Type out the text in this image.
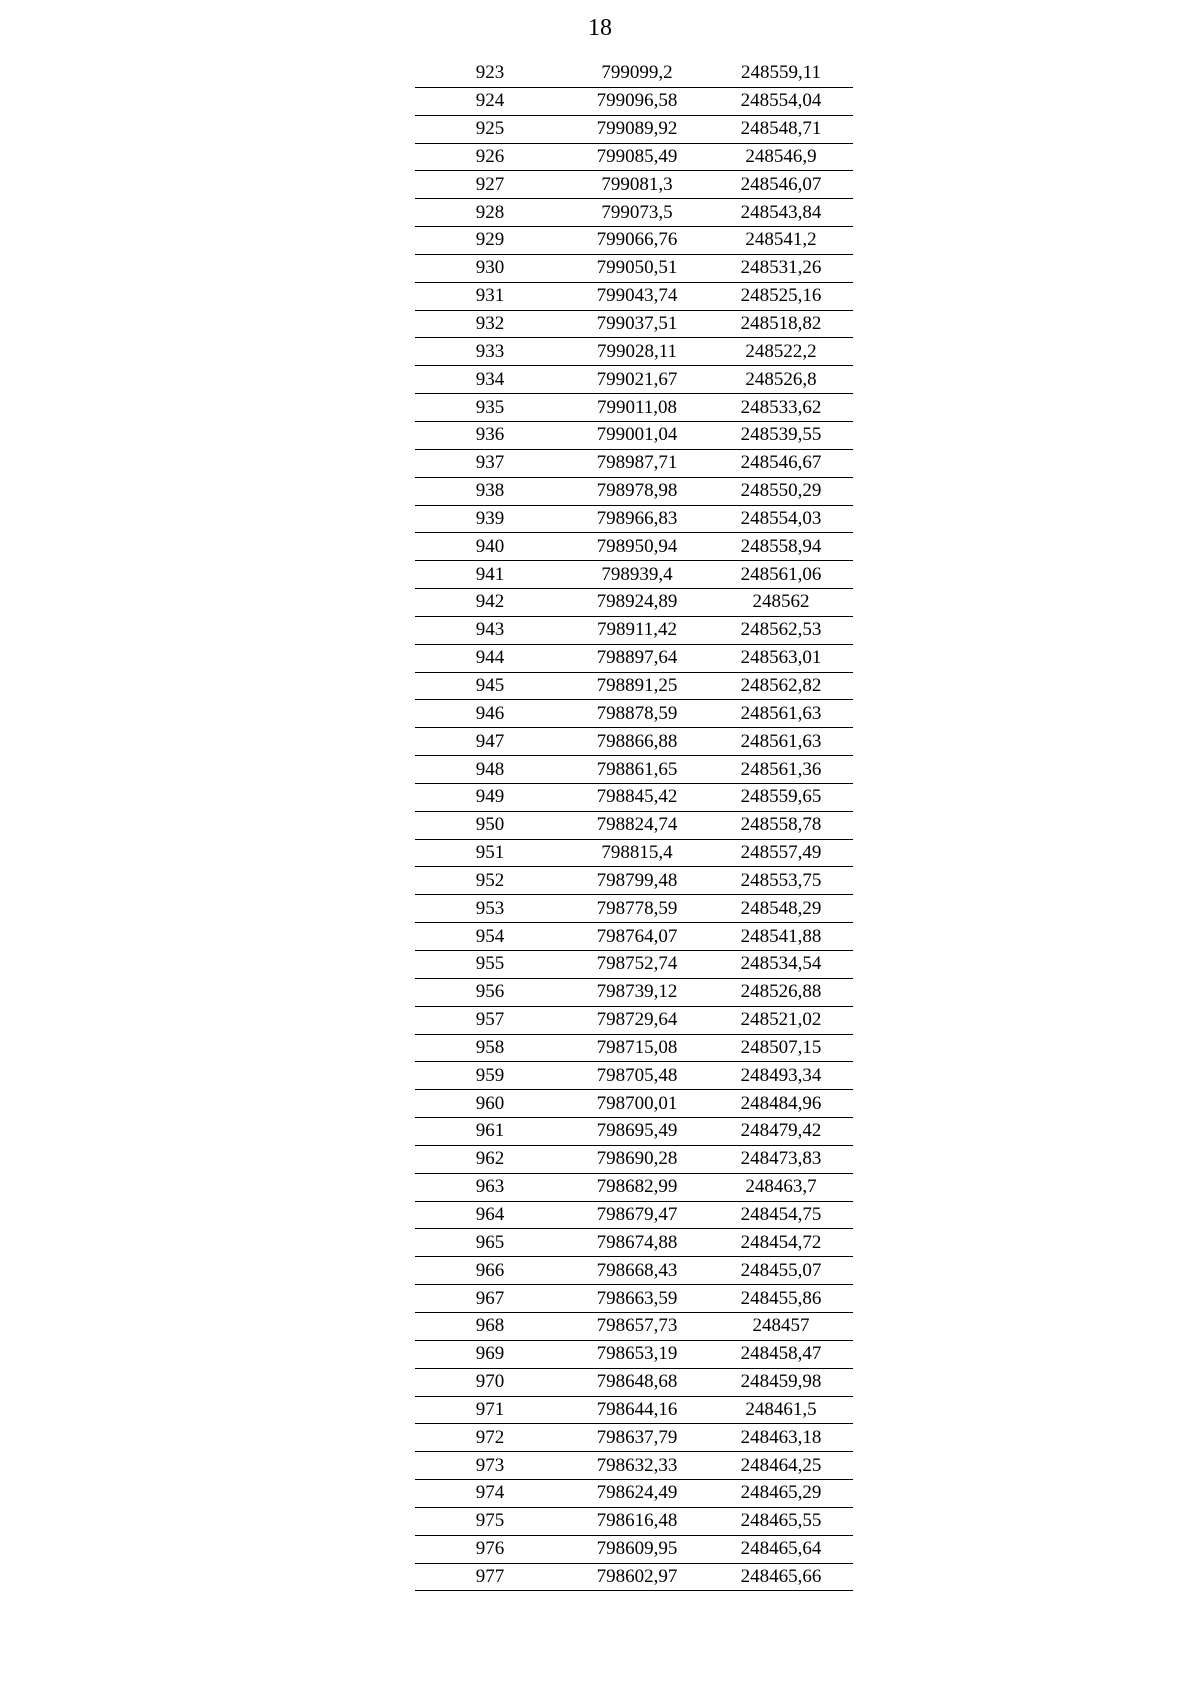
18
923	799099,2	248559,11
924	799096,58	248554,04
925	799089,92	248548,71
926	799085,49	248546,9
927	799081,3	248546,07
928	799073,5	248543,84
929	799066,76	248541,2
930	799050,51	248531,26
931	799043,74	248525,16
932	799037,51	248518,82
933	799028,11	248522,2
934	799021,67	248526,8
935	799011,08	248533,62
936	799001,04	248539,55
937	798987,71	248546,67
938	798978,98	248550,29
939	798966,83	248554,03
940	798950,94	248558,94
941	798939,4	248561,06
942	798924,89	248562
943	798911,42	248562,53
944	798897,64	248563,01
945	798891,25	248562,82
946	798878,59	248561,63
947	798866,88	248561,63
948	798861,65	248561,36
949	798845,42	248559,65
950	798824,74	248558,78
951	798815,4	248557,49
952	798799,48	248553,75
953	798778,59	248548,29
954	798764,07	248541,88
955	798752,74	248534,54
956	798739,12	248526,88
957	798729,64	248521,02
958	798715,08	248507,15
959	798705,48	248493,34
960	798700,01	248484,96
961	798695,49	248479,42
962	798690,28	248473,83
963	798682,99	248463,7
964	798679,47	248454,75
965	798674,88	248454,72
966	798668,43	248455,07
967	798663,59	248455,86
968	798657,73	248457
969	798653,19	248458,47
970	798648,68	248459,98
971	798644,16	248461,5
972	798637,79	248463,18
973	798632,33	248464,25
974	798624,49	248465,29
975	798616,48	248465,55
976	798609,95	248465,64
977	798602,97	248465,66
